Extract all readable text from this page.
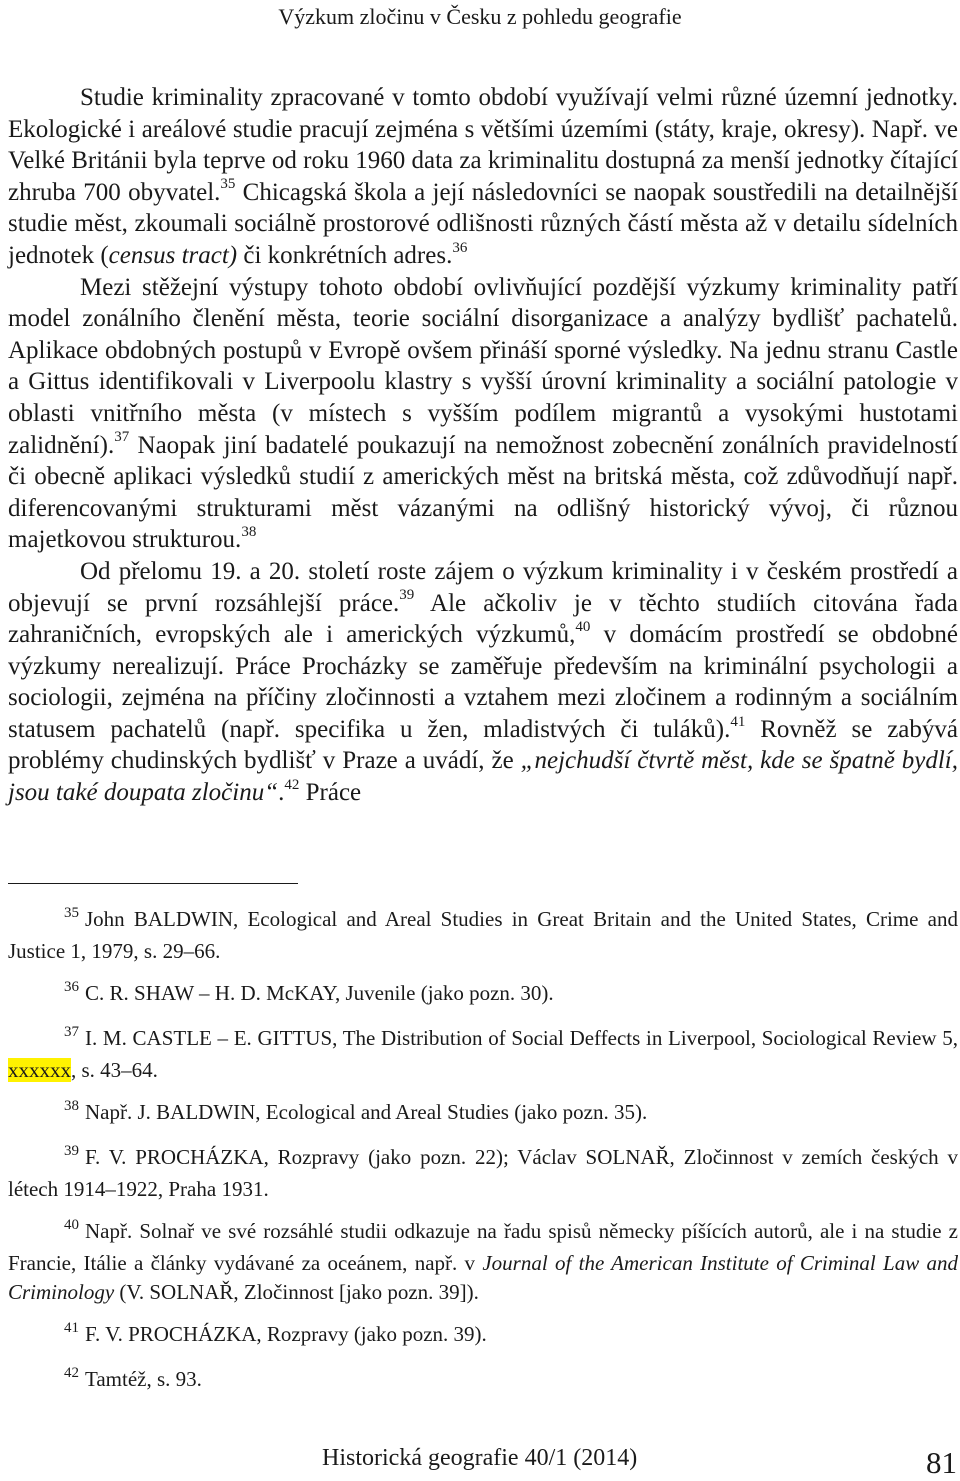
Výzkum zločinu v Česku z pohledu geografie

Studie kriminality zpracované v tomto období využívají velmi různé územní jednotky. Ekologické i areálové studie pracují zejména s většími územími (státy, kraje, okresy). Např. ve Velké Británii byla teprve od roku 1960 data za kriminalitu dostupná za menší jednotky čítající zhruba 700 obyvatel.$^{35}$ Chicagská škola a její následovníci se naopak soustředili na detailnější studie měst, zkoumali sociálně prostorové odlišnosti různých částí města až v detailu sídelních jednotek (census tract) či konkrétních adres.$^{36}$

Mezi stěžejní výstupy tohoto období ovlivňující pozdější výzkumy kriminality patří model zonálního členění města, teorie sociální disorganizace a analýzy bydlišť pachatelů. Aplikace obdobných postupů v Evropě ovšem přináší sporné výsledky. Na jednu stranu Castle a Gittus identifikovali v Liverpoolu klastry s vyšší úrovní kriminality a sociální patologie v oblasti vnitřního města (v místech s vyšším podílem migrantů a vysokými hustotami zalidnění).$^{37}$ Naopak jiní badatelé poukazují na nemožnost zobecnění zonálních pravidelností či obecně aplikaci výsledků studií z amerických měst na britská města, což zdůvodňují např. diferencovanými strukturami měst vázanými na odlišný historický vývoj, či různou majetkovou strukturou.$^{38}$

Od přelomu 19. a 20. století roste zájem o výzkum kriminality i v českém prostředí a objevují se první rozsáhlejší práce.$^{39}$ Ale ačkoliv je v těchto studiích citována řada zahraničních, evropských ale i amerických výzkumů,$^{40}$ v domácím prostředí se obdobné výzkumy nerealizují. Práce Procházky se zaměřuje především na kriminální psychologii a sociologii, zejména na příčiny zločinnosti a vztahem mezi zločinem a rodinným a sociálním statusem pachatelů (např. specifika u žen, mladistvých či tuláků).$^{41}$ Rovněž se zabývá problémy chudinských bydlišť v Praze a uvádí, že „nejchudší čtvrtě měst, kde se špatně bydlí, jsou také doupata zločinu“.$^{42}$ Práce

$^{35}$ John BALDWIN, Ecological and Areal Studies in Great Britain and the United States, Crime and Justice 1, 1979, s. 29–66.
$^{36}$ C. R. SHAW – H. D. McKAY, Juvenile (jako pozn. 30).
$^{37}$ I. M. CASTLE – E. GITTUS, The Distribution of Social Deffects in Liverpool, Sociological Review 5, xxxxxx, s. 43–64.
$^{38}$ Např. J. BALDWIN, Ecological and Areal Studies (jako pozn. 35).
$^{39}$ F. V. PROCHÁZKA, Rozpravy (jako pozn. 22); Václav SOLNAŘ, Zločinnost v zemích českých v létech 1914–1922, Praha 1931.
$^{40}$ Např. Solnař ve své rozsáhlé studii odkazuje na řadu spisů německy píšících autorů, ale i na studie z Francie, Itálie a články vydávané za oceánem, např. v Journal of the American Institute of Criminal Law and Criminology (V. SOLNAŘ, Zločinnost [jako pozn. 39]).
$^{41}$ F. V. PROCHÁZKA, Rozpravy (jako pozn. 39).
$^{42}$ Tamtéž, s. 93.
Historická geografie 40/1 (2014)	81
